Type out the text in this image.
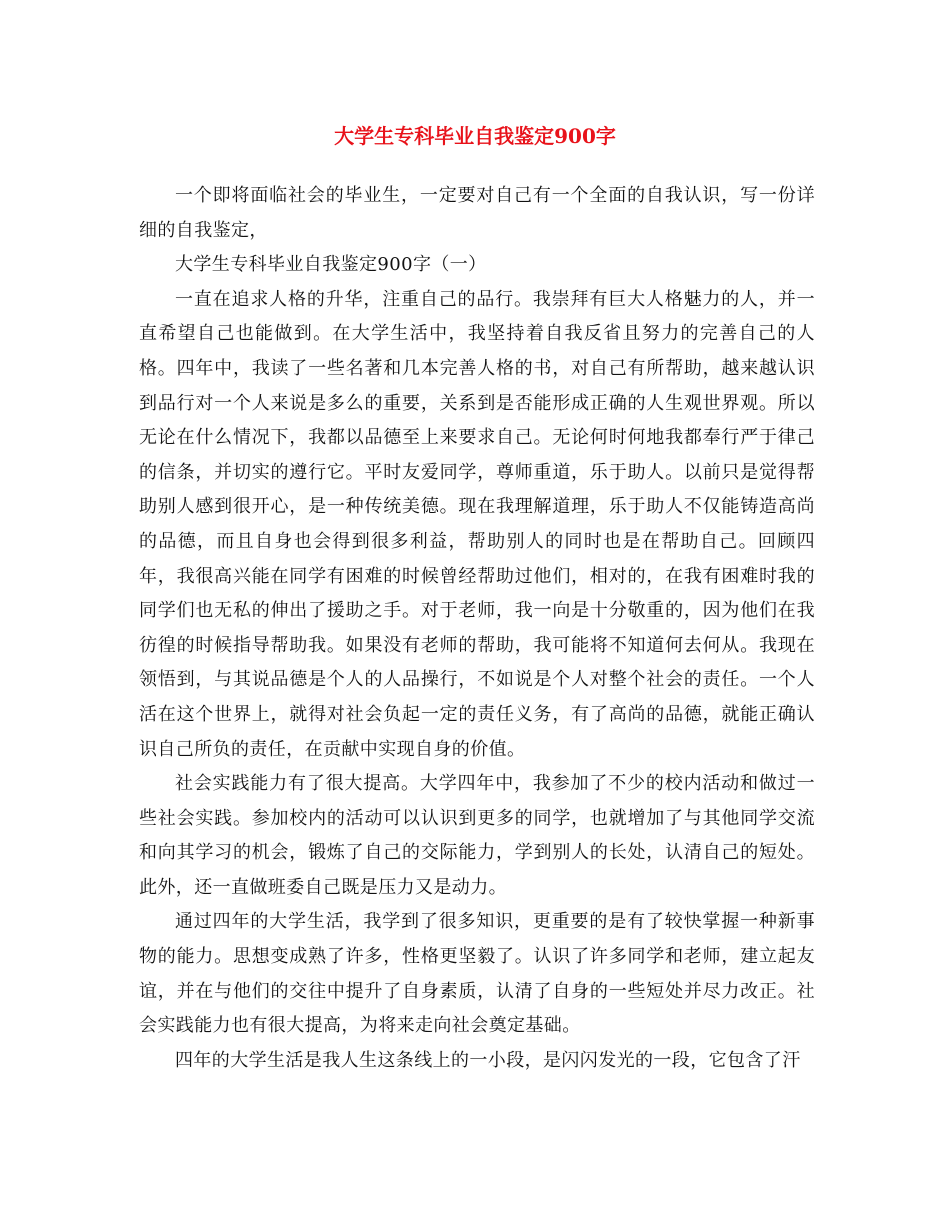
大学生专科毕业自我鉴定900字

一个即将面临社会的毕业生，一定要对自己有一个全面的自我认识，写一份详细的自我鉴定，

大学生专科毕业自我鉴定900字（一）

一直在追求人格的升华，注重自己的品行。我崇拜有巨大人格魅力的人，并一直希望自己也能做到。在大学生活中，我坚持着自我反省且努力的完善自己的人格。四年中，我读了一些名著和几本完善人格的书，对自己有所帮助，越来越认识到品行对一个人来说是多么的重要，关系到是否能形成正确的人生观世界观。所以无论在什么情况下，我都以品德至上来要求自己。无论何时何地我都奉行严于律己的信条，并切实的遵行它。平时友爱同学，尊师重道，乐于助人。以前只是觉得帮助别人感到很开心，是一种传统美德。现在我理解道理，乐于助人不仅能铸造高尚的品德，而且自身也会得到很多利益，帮助别人的同时也是在帮助自己。回顾四年，我很高兴能在同学有困难的时候曾经帮助过他们，相对的，在我有困难时我的同学们也无私的伸出了援助之手。对于老师，我一向是十分敬重的，因为他们在我彷徨的时候指导帮助我。如果没有老师的帮助，我可能将不知道何去何从。我现在领悟到，与其说品德是个人的人品操行，不如说是个人对整个社会的责任。一个人活在这个世界上，就得对社会负起一定的责任义务，有了高尚的品德，就能正确认识自己所负的责任，在贡献中实现自身的价值。

社会实践能力有了很大提高。大学四年中，我参加了不少的校内活动和做过一些社会实践。参加校内的活动可以认识到更多的同学，也就增加了与其他同学交流和向其学习的机会，锻炼了自己的交际能力，学到别人的长处，认清自己的短处。此外，还一直做班委自己既是压力又是动力。

通过四年的大学生活，我学到了很多知识，更重要的是有了较快掌握一种新事物的能力。思想变成熟了许多，性格更坚毅了。认识了许多同学和老师，建立起友谊，并在与他们的交往中提升了自身素质，认清了自身的一些短处并尽力改正。社会实践能力也有很大提高，为将来走向社会奠定基础。

四年的大学生活是我人生这条线上的一小段，是闪闪发光的一段，它包含了汗
